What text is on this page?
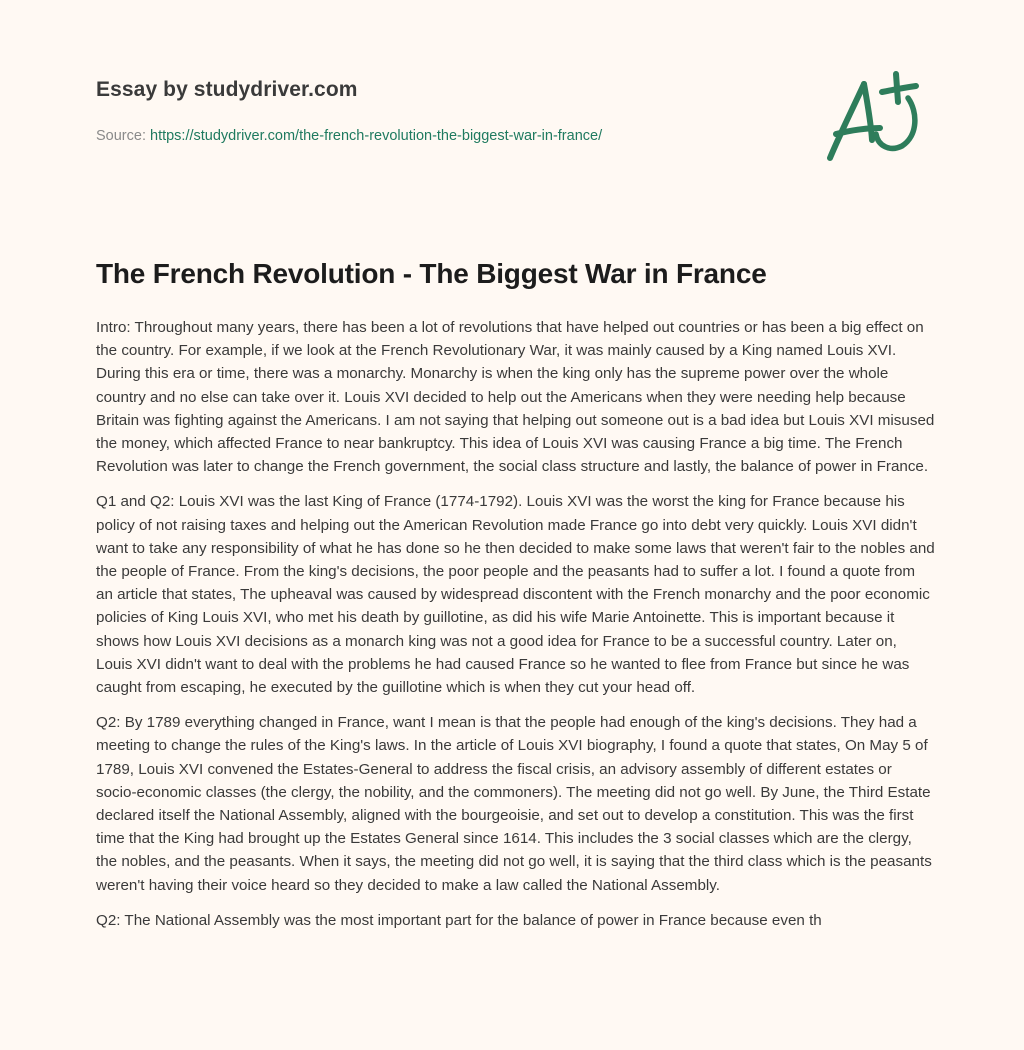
Essay by studydriver.com
Source: https://studydriver.com/the-french-revolution-the-biggest-war-in-france/
The French Revolution - The Biggest War in France

Intro: Throughout many years, there has been a lot of revolutions that have helped out countries or has been a big effect on the country. For example, if we look at the French Revolutionary War, it was mainly caused by a King named Louis XVI. During this era or time, there was a monarchy. Monarchy is when the king only has the supreme power over the whole country and no else can take over it. Louis XVI decided to help out the Americans when they were needing help because Britain was fighting against the Americans. I am not saying that helping out someone out is a bad idea but Louis XVI misused the money, which affected France to near bankruptcy. This idea of Louis XVI was causing France a big time. The French Revolution was later to change the French government, the social class structure and lastly, the balance of power in France.

Q1 and Q2: Louis XVI was the last King of France (1774-1792). Louis XVI was the worst the king for France because his policy of not raising taxes and helping out the American Revolution made France go into debt very quickly. Louis XVI didn't want to take any responsibility of what he has done so he then decided to make some laws that weren't fair to the nobles and the people of France. From the king's decisions, the poor people and the peasants had to suffer a lot. I found a quote from an article that states, The upheaval was caused by widespread discontent with the French monarchy and the poor economic policies of King Louis XVI, who met his death by guillotine, as did his wife Marie Antoinette. This is important because it shows how Louis XVI decisions as a monarch king was not a good idea for France to be a successful country. Later on, Louis XVI didn't want to deal with the problems he had caused France so he wanted to flee from France but since he was caught from escaping, he executed by the guillotine which is when they cut your head off.

Q2: By 1789 everything changed in France, want I mean is that the people had enough of the king's decisions. They had a meeting to change the rules of the King's laws. In the article of Louis XVI biography, I found a quote that states, On May 5 of 1789, Louis XVI convened the Estates-General to address the fiscal crisis, an advisory assembly of different estates or socio-economic classes (the clergy, the nobility, and the commoners). The meeting did not go well. By June, the Third Estate declared itself the National Assembly, aligned with the bourgeoisie, and set out to develop a constitution. This was the first time that the King had brought up the Estates General since 1614. This includes the 3 social classes which are the clergy, the nobles, and the peasants. When it says, the meeting did not go well, it is saying that the third class which is the peasants weren't having their voice heard so they decided to make a law called the National Assembly.

Q2: The National Assembly was the most important part for the balance of power in France because even th
